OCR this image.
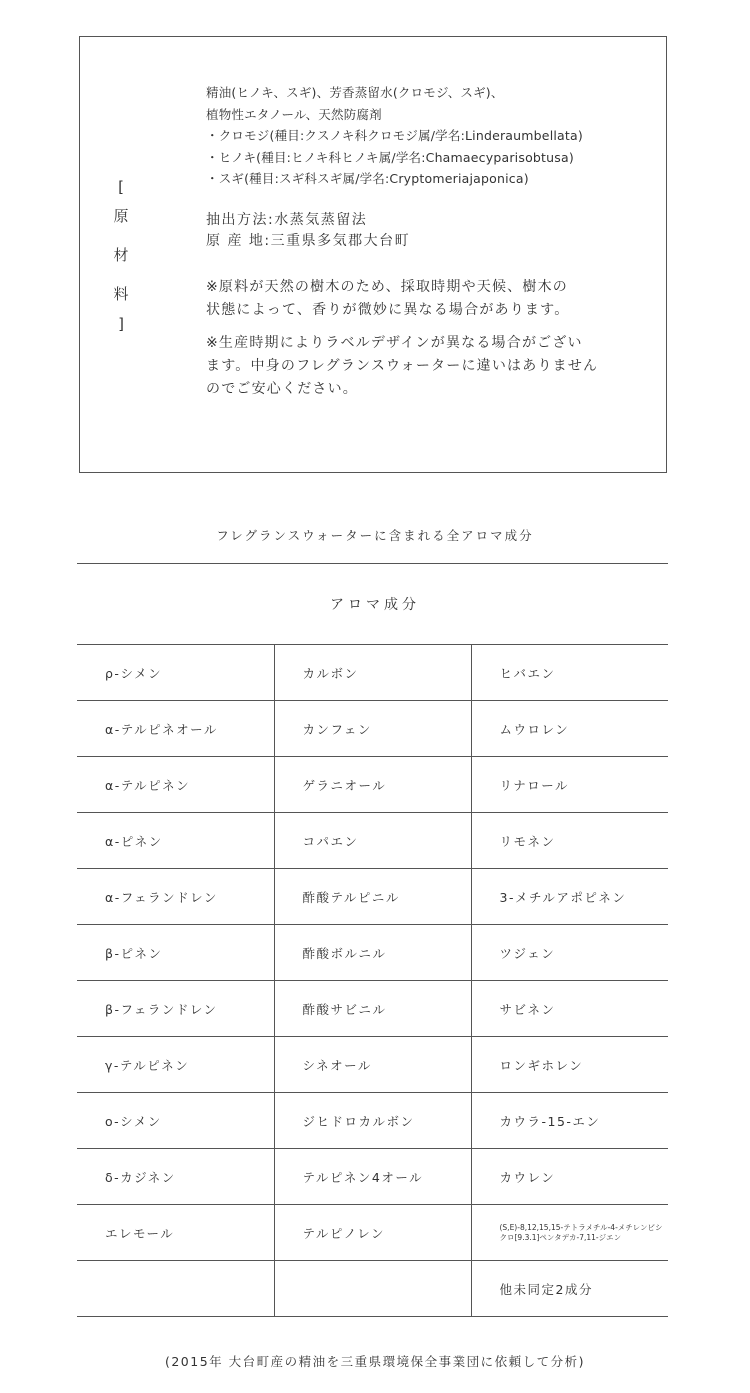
[
原
材
料
]

精油(ヒノキ、スギ)、芳香蒸留水(クロモジ、スギ)、

植物性エタノール、天然防腐剤

・クロモジ(種目:クスノキ科クロモジ属/学名:Linderaumbellata)

・ヒノキ(種目:ヒノキ科ヒノキ属/学名:Chamaecyparisobtusa)

・スギ(種目:スギ科スギ属/学名:Cryptomeriajaponica)

抽出方法:水蒸気蒸留法

原 産 地:三重県多気郡大台町

※原料が天然の樹木のため、採取時期や天候、樹木の

状態によって、香りが微妙に異なる場合があります。

※生産時期によりラベルデザインが異なる場合がござい

ます。中身のフレグランスウォーターに違いはありません

のでご安心ください。

フレグランスウォーターに含まれる全アロマ成分
アロマ成分
ρ-シメン	カルボン	ヒバエン
α-テルピネオール	カンフェン	ムウロレン
α-テルピネン	ゲラニオール	リナロール
α-ピネン	コパエン	リモネン
α-フェランドレン	酢酸テルピニル	3-メチルアポピネン
β-ピネン	酢酸ボルニル	ツジェン
β-フェランドレン	酢酸サビニル	サビネン
γ-テルピネン	シネオール	ロンギホレン
ο-シメン	ジヒドロカルボン	カウラ-15-エン
δ-カジネン	テルピネン4オール	カウレン
エレモール	テルピノレン	(S,E)-8,12,15,15-テトラメチル-4-メチレンビシクロ[9.3.1]ペンタデカ-7,11-ジエン
		他未同定2成分
(2015年 大台町産の精油を三重県環境保全事業団に依頼して分析)
